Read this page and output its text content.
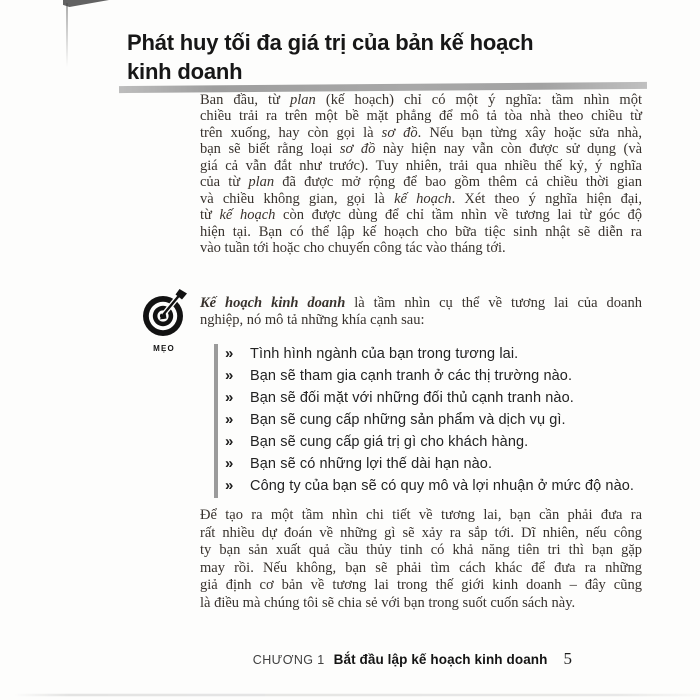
Phát huy tối đa giá trị của bản kế hoạch
kinh doanh
Ban đầu, từ plan (kế hoạch) chỉ có một ý nghĩa: tầm nhìn một
chiều trải ra trên một bề mặt phẳng để mô tả tòa nhà theo chiều từ
trên xuống, hay còn gọi là sơ đồ. Nếu bạn từng xây hoặc sửa nhà,
bạn sẽ biết rằng loại sơ đồ này hiện nay vẫn còn được sử dụng (và
giá cả vẫn đắt như trước). Tuy nhiên, trải qua nhiều thế kỷ, ý nghĩa
của từ plan đã được mở rộng để bao gồm thêm cả chiều thời gian
và chiều không gian, gọi là kế hoạch. Xét theo ý nghĩa hiện đại,
từ kế hoạch còn được dùng để chỉ tầm nhìn về tương lai từ góc độ
hiện tại. Bạn có thể lập kế hoạch cho bữa tiệc sinh nhật sẽ diễn ra
vào tuần tới hoặc cho chuyến công tác vào tháng tới.
MẸO
Kế hoạch kinh doanh là tầm nhìn cụ thể về tương lai của doanh
nghiệp, nó mô tả những khía cạnh sau:
»	Tình hình ngành của bạn trong tương lai.
»	Bạn sẽ tham gia cạnh tranh ở các thị trường nào.
»	Bạn sẽ đối mặt với những đối thủ cạnh tranh nào.
»	Bạn sẽ cung cấp những sản phẩm và dịch vụ gì.
»	Bạn sẽ cung cấp giá trị gì cho khách hàng.
»	Bạn sẽ có những lợi thế dài hạn nào.
»	Công ty của bạn sẽ có quy mô và lợi nhuận ở mức độ nào.
Để tạo ra một tầm nhìn chi tiết về tương lai, bạn cần phải đưa ra
rất nhiều dự đoán về những gì sẽ xảy ra sắp tới. Dĩ nhiên, nếu công
ty bạn sản xuất quả cầu thủy tinh có khả năng tiên tri thì bạn gặp
may rồi. Nếu không, bạn sẽ phải tìm cách khác để đưa ra những
giả định cơ bản về tương lai trong thế giới kinh doanh – đây cũng
là điều mà chúng tôi sẽ chia sẻ với bạn trong suốt cuốn sách này.
CHƯƠNG 1 Bắt đầu lập kế hoạch kinh doanh 5
